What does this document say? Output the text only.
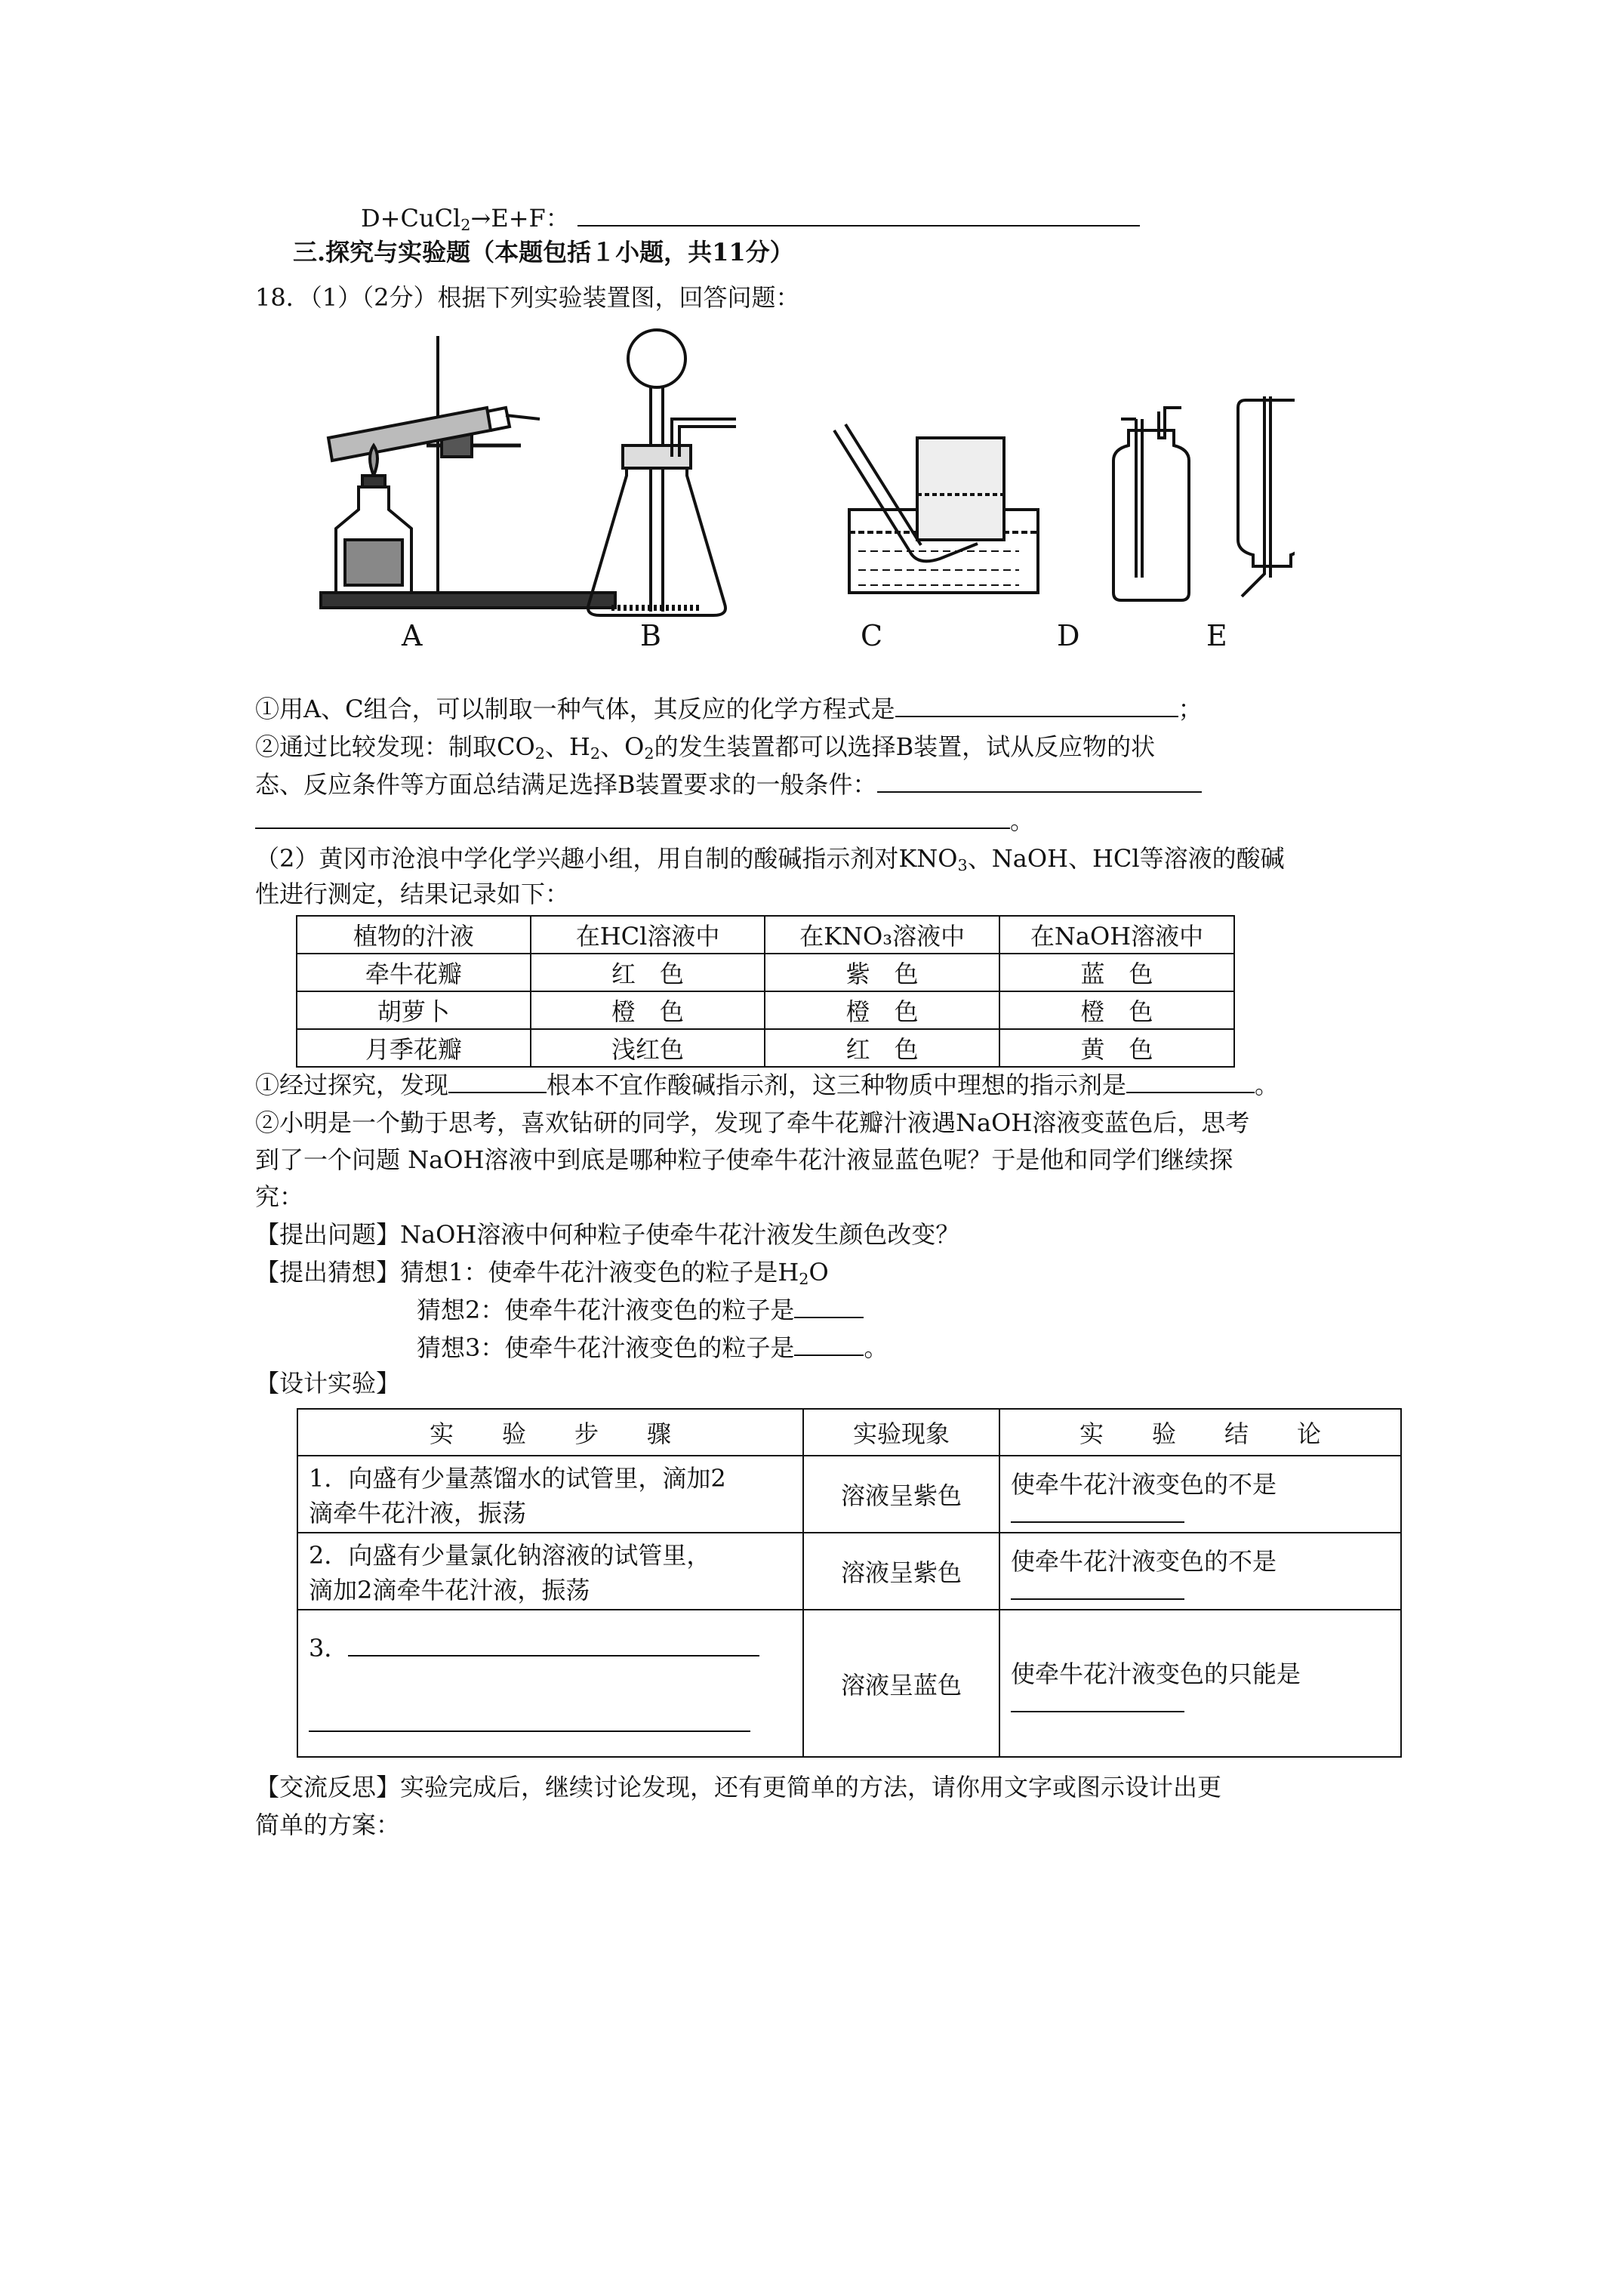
D+CuCl$_2$→E+F：
三.探究与实验题（本题包括１小题，共11分）
18．（1）（2分）根据下列实验装置图，回答问题：
A	B	C	D	E
①用A、C组合，可以制取一种气体，其反应的化学方程式是	；
②通过比较发现：制取$CO_2$、$H_2$、$O_2$的发生装置都可以选择B装置，试从反应物的状
态、反应条件等方面总结满足选择B装置要求的一般条件：
。
（2）黄冈市沧浪中学化学兴趣小组，用自制的酸碱指示剂对$KNO_3$、NaOH、HCl等溶液的酸碱
性进行测定，结果记录如下：
植物的汁液	在HCl溶液中	在KNO₃溶液中	在NaOH溶液中
牵牛花瓣	红　色	紫　色	蓝　色
胡萝卜	橙　色	橙　色	橙　色
月季花瓣	浅红色	红　色	黄　色
①经过探究，发现	根本不宜作酸碱指示剂，这三种物质中理想的指示剂是	。
②小明是一个勤于思考，喜欢钻研的同学，发现了牵牛花瓣汁液遇NaOH溶液变蓝色后，思考
到了一个问题 NaOH溶液中到底是哪种粒子使牵牛花汁液显蓝色呢？于是他和同学们继续探
究：
【提出问题】NaOH溶液中何种粒子使牵牛花汁液发生颜色改变？
【提出猜想】猜想1：使牵牛花汁液变色的粒子是$H_2O$
猜想2：使牵牛花汁液变色的粒子是
猜想3：使牵牛花汁液变色的粒子是	。
【设计实验】
实　　验　　步　　骤	实验现象	实　　验　　结　　论

1．向盛有少量蒸馏水的试管里，滴加2
滴牵牛花汁液，振荡	溶液呈紫色	使牵牛花汁液变色的不是

2．向盛有少量氯化钠溶液的试管里，
滴加2滴牵牛花汁液，振荡	溶液呈紫色	使牵牛花汁液变色的不是

3．	溶液呈蓝色	使牵牛花汁液变色的只能是
【交流反思】实验完成后，继续讨论发现，还有更简单的方法，请你用文字或图示设计出更
简单的方案：
